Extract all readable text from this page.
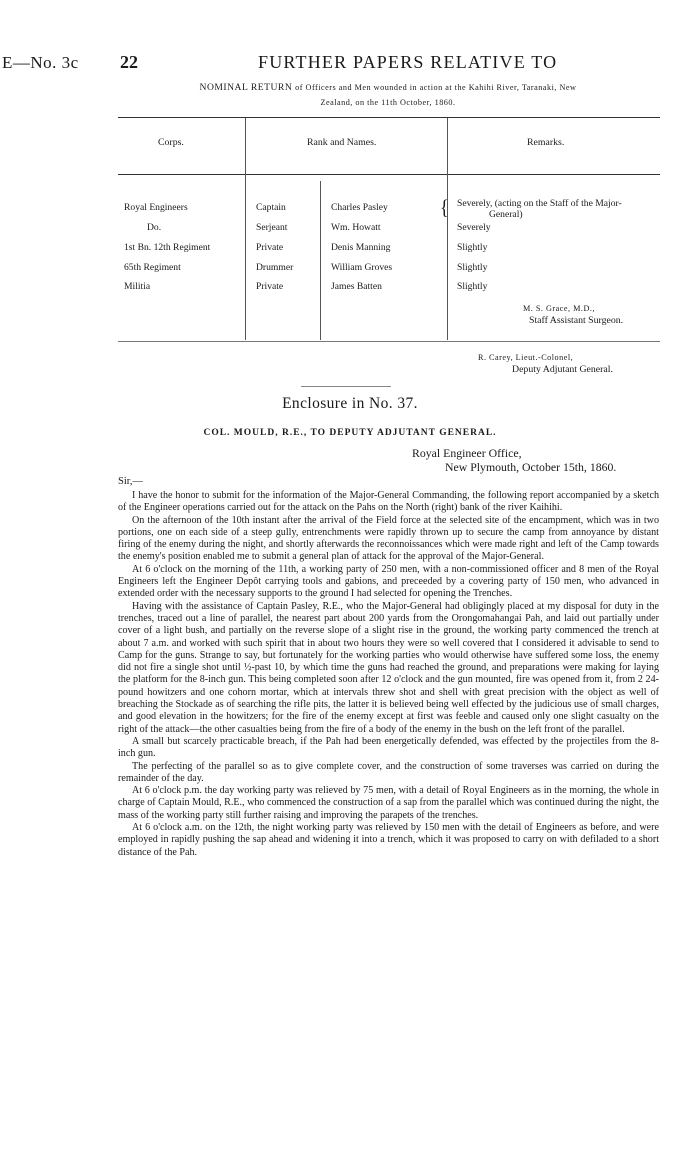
E—No. 3c 22	FURTHER PAPERS RELATIVE TO
NOMINAL RETURN of Officers and Men wounded in action at the Kahihi River, Taranaki, New
Zealand, on the 11th October, 1860.
Corps.	Rank and Names.	Remarks.
Royal Engineers	Captain	Charles Pasley	{ Severely, (acting on the Staff of the Major-
General)
Do.	Serjeant	Wm. Howatt	Severely
1st Bn. 12th Regiment	Private	Denis Manning	Slightly
65th Regiment	Drummer	William Groves	Slightly
Militia	Private	James Batten	Slightly
M. S. Grace, M.D.,
Staff Assistant Surgeon.
R. Carey, Lieut.-Colonel,
Deputy Adjutant General.
Enclosure in No. 37.
COL. MOULD, R.E., TO DEPUTY ADJUTANT GENERAL.
Royal Engineer Office,
New Plymouth, October 15th, 1860.
Sir,—

I have the honor to submit for the information of the Major-General Commanding, the following report accompanied by a sketch of the Engineer operations carried out for the attack on the Pahs on the North (right) bank of the river Kaihihi.

On the afternoon of the 10th instant after the arrival of the Field force at the selected site of the encampment, which was in two portions, one on each side of a steep gully, entrenchments were rapidly thrown up to secure the camp from annoyance by distant firing of the enemy during the night, and shortly afterwards the reconnoissances which were made right and left of the Camp towards the enemy's position enabled me to submit a general plan of attack for the approval of the Major-General.

At 6 o'clock on the morning of the 11th, a working party of 250 men, with a non-commissioned officer and 8 men of the Royal Engineers left the Engineer Depôt carrying tools and gabions, and preceeded by a covering party of 150 men, who advanced in extended order with the necessary supports to the ground I had selected for opening the Trenches.

Having with the assistance of Captain Pasley, R.E., who the Major-General had obligingly placed at my disposal for duty in the trenches, traced out a line of parallel, the nearest part about 200 yards from the Orongomahangai Pah, and laid out partially under cover of a light bush, and partially on the reverse slope of a slight rise in the ground, the working party commenced the trench at about 7 a.m. and worked with such spirit that in about two hours they were so well covered that I considered it advisable to send to Camp for the guns. Strange to say, but fortunately for the working parties who would otherwise have suffered some loss, the enemy did not fire a single shot until ½-past 10, by which time the guns had reached the ground, and preparations were making for laying the platform for the 8-inch gun. This being completed soon after 12 o'clock and the gun mounted, fire was opened from it, from 2 24-pound howitzers and one cohorn mortar, which at intervals threw shot and shell with great precision with the object as well of breaching the Stockade as of searching the rifle pits, the latter it is believed being well effected by the judicious use of small charges, and good elevation in the howitzers; for the fire of the enemy except at first was feeble and caused only one slight casualty on the right of the attack—the other casualties being from the fire of a body of the enemy in the bush on the left front of the parallel.

A small but scarcely practicable breach, if the Pah had been energetically defended, was effected by the projectiles from the 8-inch gun.

The perfecting of the parallel so as to give complete cover, and the construction of some traverses was carried on during the remainder of the day.

At 6 o'clock p.m. the day working party was relieved by 75 men, with a detail of Royal Engineers as in the morning, the whole in charge of Captain Mould, R.E., who commenced the construction of a sap from the parallel which was continued during the night, the mass of the working party still further raising and improving the parapets of the trenches.

At 6 o'clock a.m. on the 12th, the night working party was relieved by 150 men with the detail of Engineers as before, and were employed in rapidly pushing the sap ahead and widening it into a trench, which it was proposed to carry on with defiladed to a short distance of the Pah.
